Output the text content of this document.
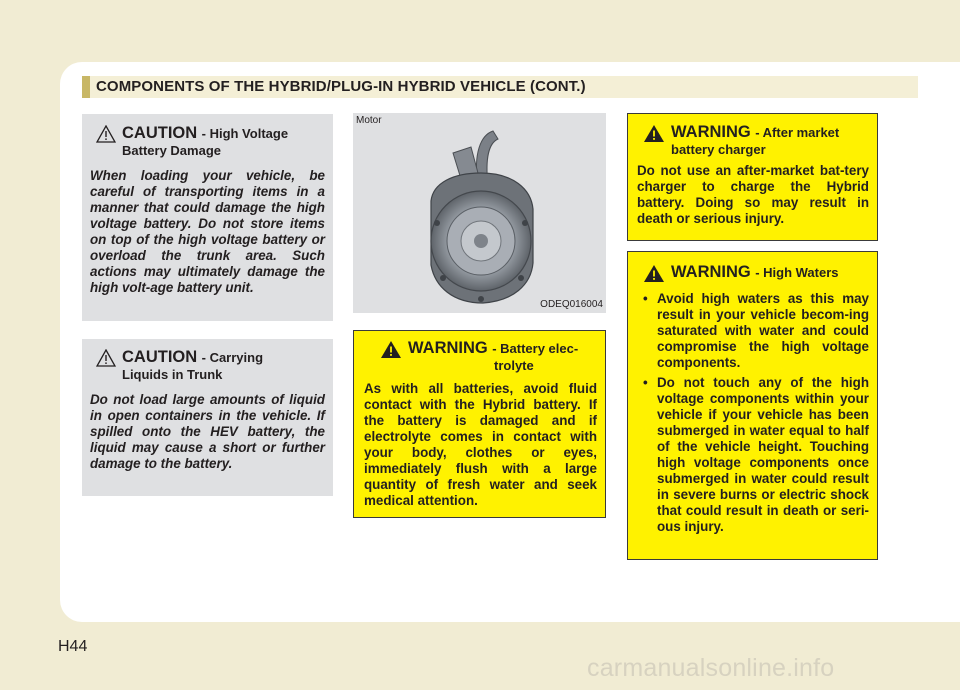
COMPONENTS OF THE HYBRID/PLUG-IN HYBRID VEHICLE (CONT.)
CAUTION - High Voltage
Battery Damage

When loading your vehicle, be careful of transporting items in a manner that could damage the high voltage battery. Do not store items on top of the high voltage battery or overload the trunk area. Such actions may ultimately damage the high volt-age battery unit.

CAUTION - Carrying
Liquids in Trunk

Do not load large amounts of liquid in open containers in the vehicle. If spilled onto the HEV battery, the liquid may cause a short or further damage to the battery.

Motor
ODEQ016004
WARNING - Battery elec-
trolyte

As with all batteries, avoid fluid contact with the Hybrid battery. If the battery is damaged and if electrolyte comes in contact with your body, clothes or eyes, immediately flush with a large quantity of fresh water and seek medical attention.

WARNING - After market
battery charger

Do not use an after-market bat-tery charger to charge the Hybrid battery. Doing so may result in death or serious injury.

WARNING - High Waters
• Avoid high waters as this may result in your vehicle becom-ing saturated with water and could compromise the high voltage components.
• Do not touch any of the high voltage components within your vehicle if your vehicle has been submerged in water equal to half of the vehicle height. Touching high voltage components once submerged in water could result in severe burns or electric shock that could result in death or seri-ous injury.
H44
carmanualsonline.info
